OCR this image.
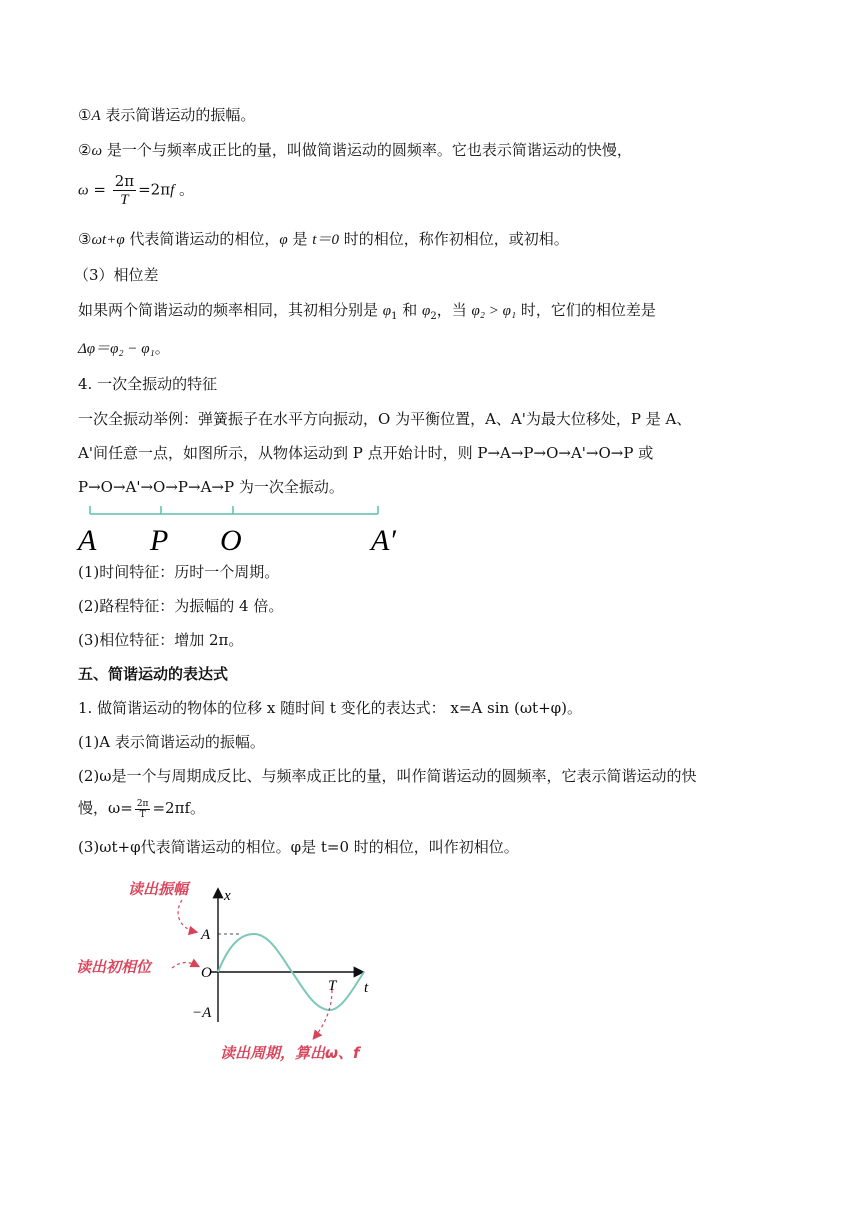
①A 表示简谐运动的振幅。
②ω 是一个与频率成正比的量，叫做简谐运动的圆频率。它也表示简谐运动的快慢，
$\omega = \frac{2\pi}{T} =2\pi f$ 。
③ωt+φ 代表简谐运动的相位，φ 是 t＝0 时的相位，称作初相位，或初相。
（3）相位差
如果两个简谐运动的频率相同，其初相分别是 $\varphi_1$ 和 $\varphi_2$，当 φ₂ > φ₁ 时，它们的相位差是
Δφ＝φ₂ − φ₁。
4. 一次全振动的特征
一次全振动举例：弹簧振子在水平方向振动，O 为平衡位置，A、A'为最大位移处，P 是 A、
A'间任意一点，如图所示，从物体运动到 P 点开始计时，则 P→A→P→O→A'→O→P 或
P→O→A'→O→P→A→P 为一次全振动。
A P O	A′
(1)时间特征：历时一个周期。
(2)路程特征：为振幅的 4 倍。
(3)相位特征：增加 2π。
五、简谐运动的表达式
1. 做简谐运动的物体的位移 x 随时间 t 变化的表达式： x=A sin (ωt+φ)。
(1)A 表示简谐运动的振幅。
(2)ω是一个与周期成反比、与频率成正比的量，叫作简谐运动的圆频率，它表示简谐运动的快
慢，$\omega= \frac{2\pi}{T} =2\pi f$。
(3)ωt+φ代表简谐运动的相位。φ是 t=0 时的相位，叫作初相位。
x
t
A
O
−A
T
读出振幅
读出初相位
读出周期，算出ω、f
